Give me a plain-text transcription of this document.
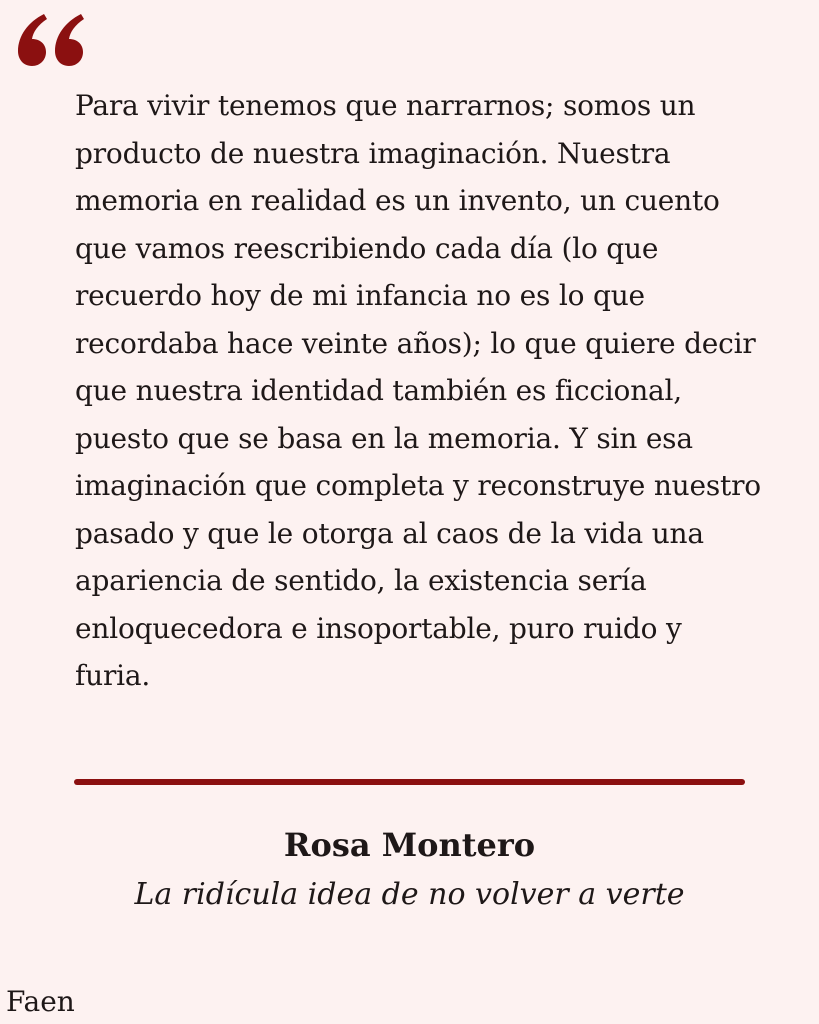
Para vivir tenemos que narrarnos; somos un producto de nuestra imaginación. Nuestra memoria en realidad es un invento, un cuento que vamos reescribiendo cada día (lo que recuerdo hoy de mi infancia no es lo que recordaba hace veinte años); lo que quiere decir que nuestra identidad también es ficcional, puesto que se basa en la memoria. Y sin esa imaginación que completa y reconstruye nuestro pasado y que le otorga al caos de la vida una apariencia de sentido, la existencia sería enloquecedora e insoportable, puro ruido y furia.

Rosa Montero
La ridícula idea de no volver a verte
Faen
